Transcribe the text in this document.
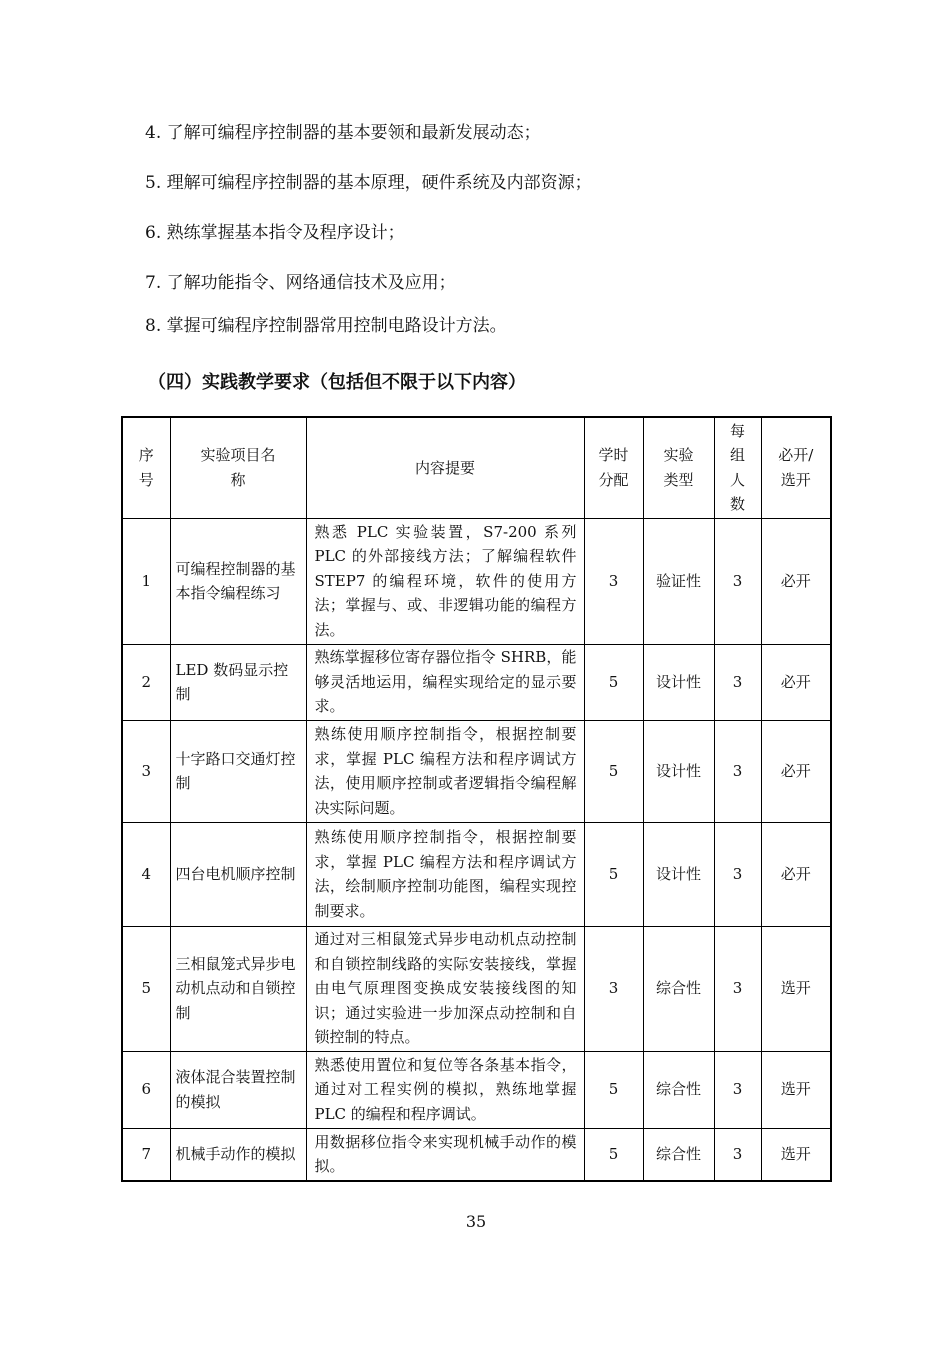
4. 了解可编程序控制器的基本要领和最新发展动态；

5. 理解可编程序控制器的基本原理，硬件系统及内部资源；

6. 熟练掌握基本指令及程序设计；

7. 了解功能指令、网络通信技术及应用；

8. 掌握可编程序控制器常用控制电路设计方法。

（四）实践教学要求（包括但不限于以下内容）
序号	实验项目名称	内容提要	学时分配	实验类型	每组人数	必开/选开
1	可编程控制器的基本指令编程练习	熟悉 PLC 实验装置，S7-200 系列 PLC 的外部接线方法；了解编程软件 STEP7 的编程环境，软件的使用方法；掌握与、或、非逻辑功能的编程方法。	3	验证性	3	必开
2	LED 数码显示控制	熟练掌握移位寄存器位指令 SHRB，能够灵活地运用，编程实现给定的显示要求。	5	设计性	3	必开
3	十字路口交通灯控制	熟练使用顺序控制指令，根据控制要求，掌握 PLC 编程方法和程序调试方法，使用顺序控制或者逻辑指令编程解决实际问题。	5	设计性	3	必开
4	四台电机顺序控制	熟练使用顺序控制指令，根据控制要求，掌握 PLC 编程方法和程序调试方法，绘制顺序控制功能图，编程实现控制要求。	5	设计性	3	必开
5	三相鼠笼式异步电动机点动和自锁控制	通过对三相鼠笼式异步电动机点动控制和自锁控制线路的实际安装接线，掌握由电气原理图变换成安装接线图的知识；通过实验进一步加深点动控制和自锁控制的特点。	3	综合性	3	选开
6	液体混合装置控制的模拟	熟悉使用置位和复位等各条基本指令，通过对工程实例的模拟，熟练地掌握 PLC 的编程和程序调试。	5	综合性	3	选开
7	机械手动作的模拟	用数据移位指令来实现机械手动作的模拟。	5	综合性	3	选开
35
